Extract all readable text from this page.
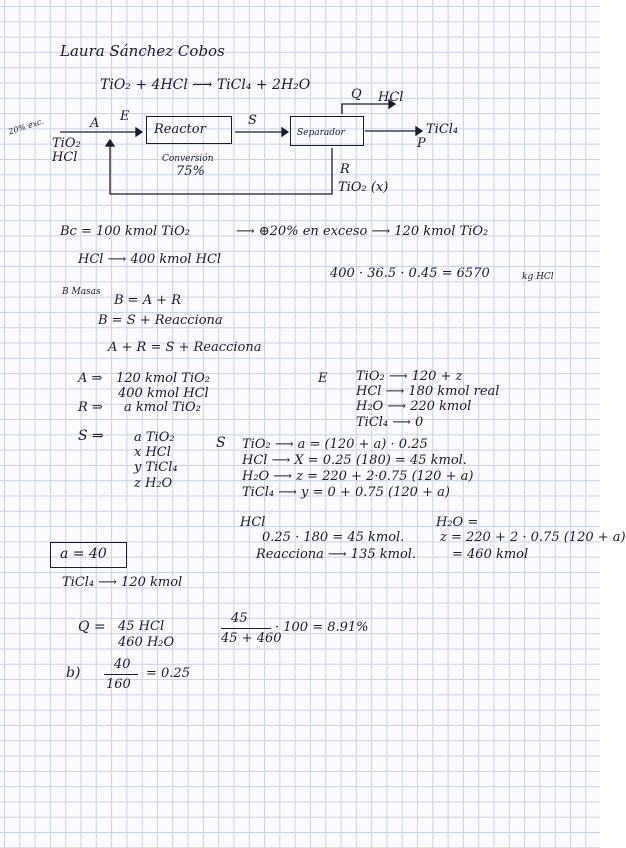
Laura Sánchez Cobos
TiO₂ + 4HCl ⟶ TiCl₄ + 2H₂O
Reactor	Separador
Q HCl
20% exc.
TiO₂
HCl
A E	S
TiCl₄
P
Conversión
75%	R
TiO₂ (x)
Bc = 100 kmol TiO₂	⟶ ⊕20% en exceso ⟶ 120 kmol TiO₂
HCl ⟶ 400 kmol HCl
400 · 36.5 · 0.45 = 6570	kg HCl
B Masas
B = A + R
B = S + Reacciona
A + R = S + Reacciona
A ⇒ 120 kmol TiO₂
400 kmol HCl
R ⇒ a kmol TiO₂
E TiO₂ ⟶ 120 + z
HCl ⟶ 180 kmol real
H₂O ⟶ 220 kmol
TiCl₄ ⟶ 0
S ⇒ a TiO₂
x HCl
y TiCl₄
z H₂O
S TiO₂ ⟶ a = (120 + a) · 0.25
HCl ⟶ X = 0.25 (180) = 45 kmol.
H₂O ⟶ z = 220 + 2·0.75 (120 + a)
TiCl₄ ⟶ y = 0 + 0.75 (120 + a)
HCl
0.25 · 180 = 45 kmol.
Reacciona ⟶ 135 kmol.
H₂O =
z = 220 + 2 · 0.75 (120 + a)
= 460 kmol
a = 40
TiCl₄ ⟶ 120 kmol
Q = 45 HCl
460 H₂O
45
45 + 460
· 100 = 8.91%
b)
40
160
= 0.25
